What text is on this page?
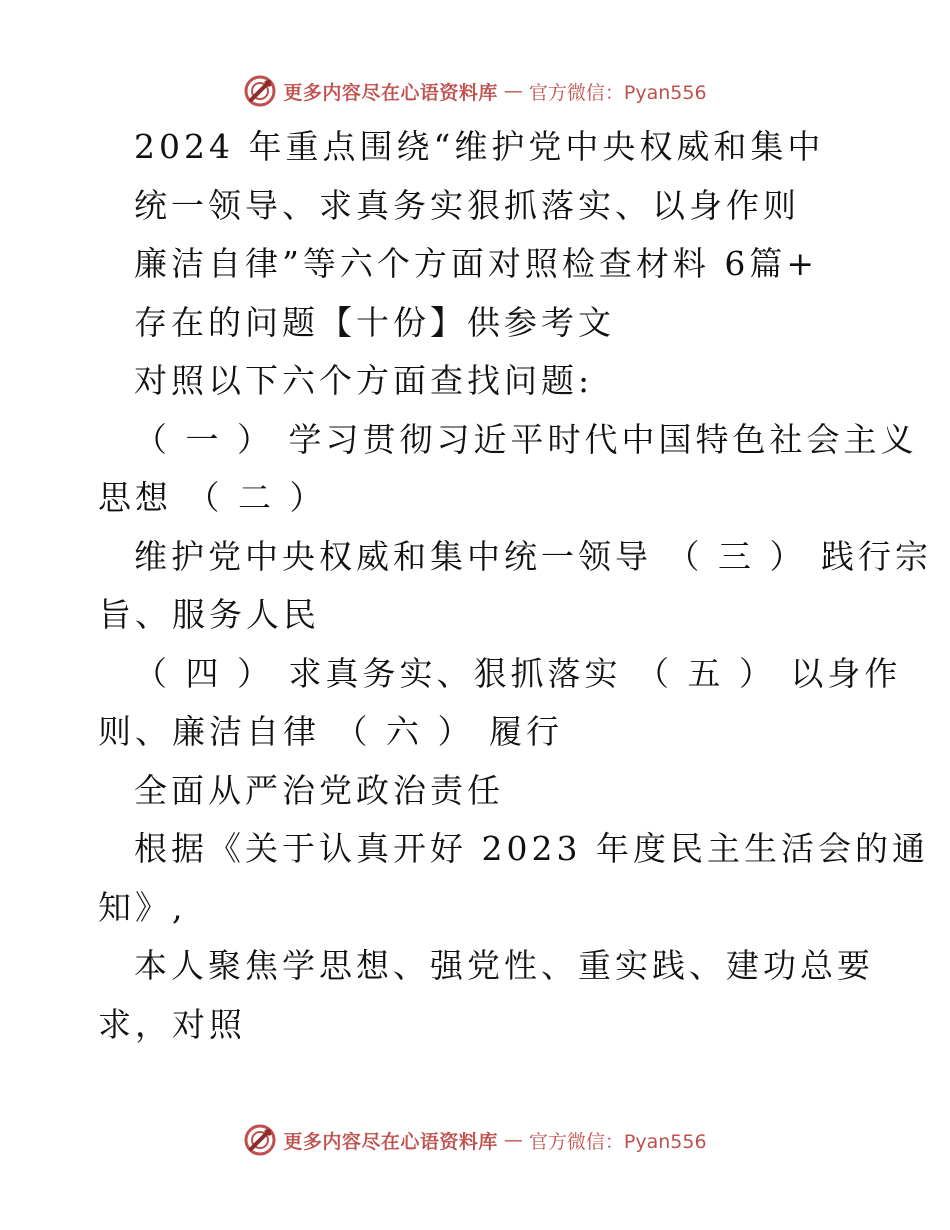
更多内容尽在心语资料库 — 官方微信：Pyan556
2024 年重点围绕“维护党中央权威和集中
统一领导、求真务实狠抓落实、以身作则
廉洁自律”等六个方面对照检查材料 6篇+
存在的问题【十份】供参考文
对照以下六个方面查找问题:
（ 一 ） 学习贯彻习近平时代中国特色社会主义
思想 （ 二 ）
维护党中央权威和集中统一领导 （ 三 ） 践行宗
旨、服务人民
（ 四 ） 求真务实、狠抓落实 （ 五 ） 以身作
则、廉洁自律 （ 六 ） 履行
全面从严治党政治责任
根据《关于认真开好 2023 年度民主生活会的通
知》,
本人聚焦学思想、强党性、重实践、建功总要
求，对照
更多内容尽在心语资料库 — 官方微信：Pyan556
